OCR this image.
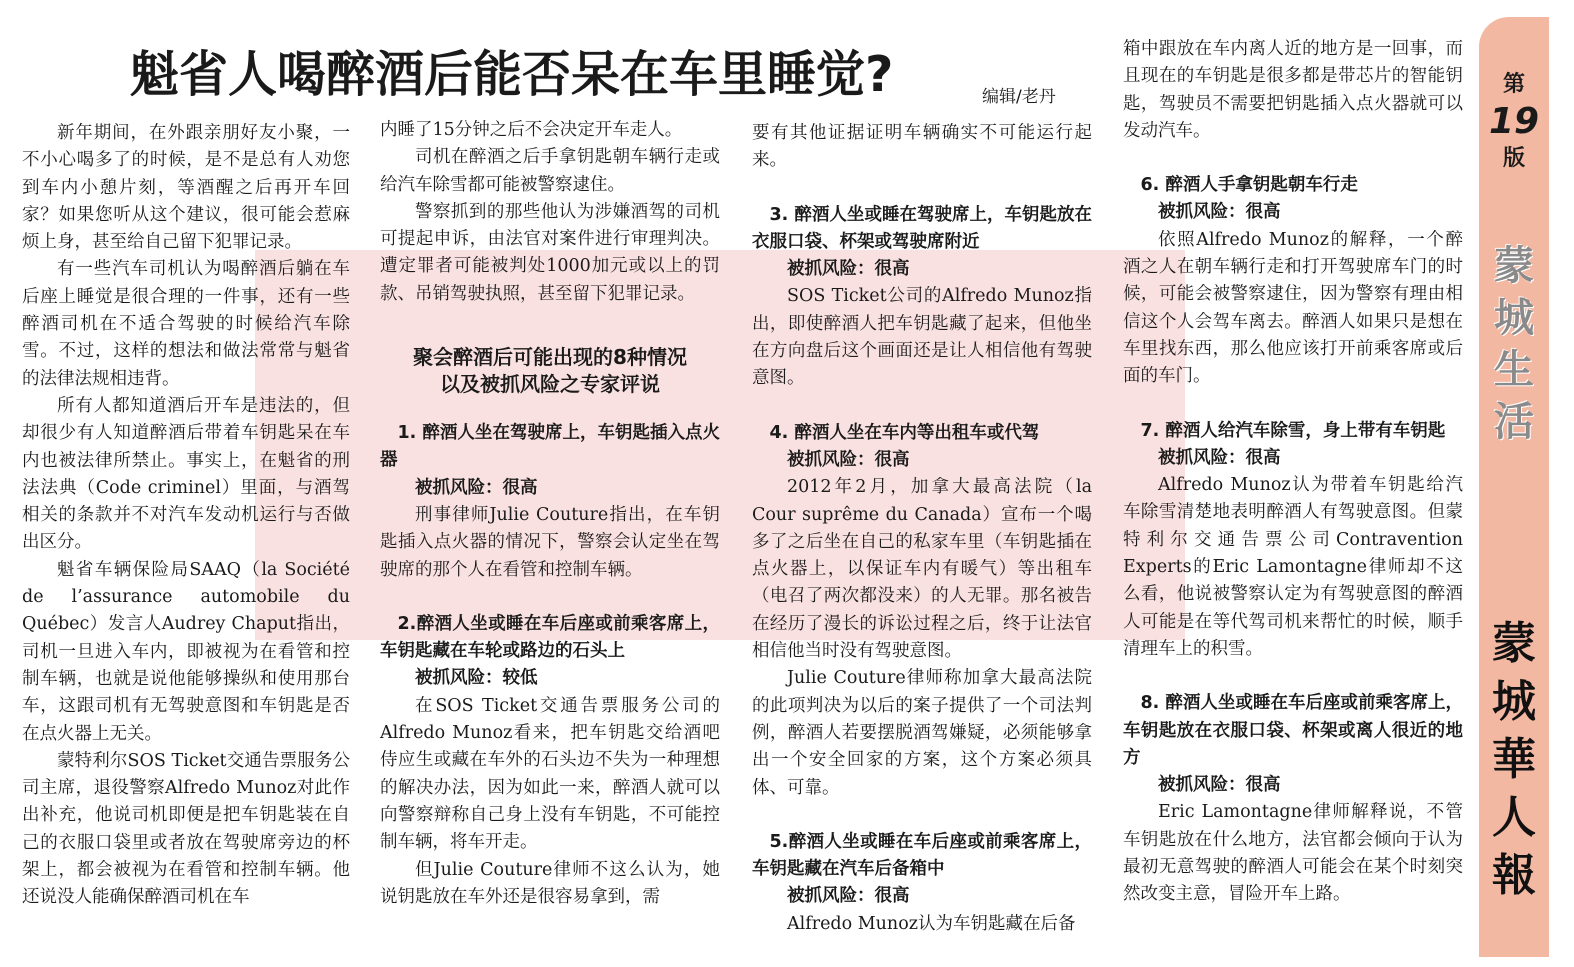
魁省人喝醉酒后能否呆在车里睡觉?	编辑/老丹

新年期间，在外跟亲朋好友小聚，一不小心喝多了的时候，是不是总有人劝您到车内小憩片刻，等酒醒之后再开车回家？如果您听从这个建议，很可能会惹麻烦上身，甚至给自己留下犯罪记录。

有一些汽车司机认为喝醉酒后躺在车后座上睡觉是很合理的一件事，还有一些醉酒司机在不适合驾驶的时候给汽车除雪。不过，这样的想法和做法常常与魁省的法律法规相违背。

所有人都知道酒后开车是违法的，但却很少有人知道醉酒后带着车钥匙呆在车内也被法律所禁止。事实上，在魁省的刑法法典（Code criminel）里面，与酒驾相关的条款并不对汽车发动机运行与否做出区分。

魁省车辆保险局SAAQ（la Société de l’assurance automobile du Québec）发言人Audrey Chaput指出，司机一旦进入车内，即被视为在看管和控制车辆，也就是说他能够操纵和使用那台车，这跟司机有无驾驶意图和车钥匙是否在点火器上无关。

蒙特利尔SOS Ticket交通告票服务公司主席，退役警察Alfredo Munoz对此作出补充，他说司机即便是把车钥匙装在自己的衣服口袋里或者放在驾驶席旁边的杯架上，都会被视为在看管和控制车辆。他还说没人能确保醉酒司机在车

内睡了15分钟之后不会决定开车走人。

司机在醉酒之后手拿钥匙朝车辆行走或给汽车除雪都可能被警察逮住。

警察抓到的那些他认为涉嫌酒驾的司机可提起申诉，由法官对案件进行审理判决。遭定罪者可能被判处1000加元或以上的罚款、吊销驾驶执照，甚至留下犯罪记录。

聚会醉酒后可能出现的8种情况
以及被抓风险之专家评说
1. 醉酒人坐在驾驶席上，车钥匙插入点火器
被抓风险：很高

刑事律师Julie Couture指出，在车钥匙插入点火器的情况下，警察会认定坐在驾驶席的那个人在看管和控制车辆。

2.醉酒人坐或睡在车后座或前乘客席上，车钥匙藏在车轮或路边的石头上
被抓风险：较低

在SOS Ticket交通告票服务公司的Alfredo Munoz看来，把车钥匙交给酒吧侍应生或藏在车外的石头边不失为一种理想的解决办法，因为如此一来，醉酒人就可以向警察辩称自己身上没有车钥匙，不可能控制车辆，将车开走。

但Julie Couture律师不这么认为，她说钥匙放在车外还是很容易拿到，需

要有其他证据证明车辆确实不可能运行起来。

3. 醉酒人坐或睡在驾驶席上，车钥匙放在衣服口袋、杯架或驾驶席附近
被抓风险：很高

SOS Ticket公司的Alfredo Munoz指出，即使醉酒人把车钥匙藏了起来，但他坐在方向盘后这个画面还是让人相信他有驾驶意图。

4. 醉酒人坐在车内等出租车或代驾
被抓风险：很高

2012年2月，加拿大最高法院（la Cour suprême du Canada）宣布一个喝多了之后坐在自己的私家车里（车钥匙插在点火器上，以保证车内有暖气）等出租车（电召了两次都没来）的人无罪。那名被告在经历了漫长的诉讼过程之后，终于让法官相信他当时没有驾驶意图。

Julie Couture律师称加拿大最高法院的此项判决为以后的案子提供了一个司法判例，醉酒人若要摆脱酒驾嫌疑，必须能够拿出一个安全回家的方案，这个方案必须具体、可靠。

5.醉酒人坐或睡在车后座或前乘客席上，车钥匙藏在汽车后备箱中
被抓风险：很高

Alfredo Munoz认为车钥匙藏在后备

箱中跟放在车内离人近的地方是一回事，而且现在的车钥匙是很多都是带芯片的智能钥匙，驾驶员不需要把钥匙插入点火器就可以发动汽车。

6. 醉酒人手拿钥匙朝车行走
被抓风险：很高

依照Alfredo Munoz的解释，一个醉酒之人在朝车辆行走和打开驾驶席车门的时候，可能会被警察逮住，因为警察有理由相信这个人会驾车离去。醉酒人如果只是想在车里找东西，那么他应该打开前乘客席或后面的车门。

7. 醉酒人给汽车除雪，身上带有车钥匙
被抓风险：很高

Alfredo Munoz认为带着车钥匙给汽车除雪清楚地表明醉酒人有驾驶意图。但蒙特利尔交通告票公司Contravention Experts的Eric Lamontagne律师却不这么看，他说被警察认定为有驾驶意图的醉酒人可能是在等代驾司机来帮忙的时候，顺手清理车上的积雪。

8. 醉酒人坐或睡在车后座或前乘客席上，车钥匙放在衣服口袋、杯架或离人很近的地方
被抓风险：很高

Eric Lamontagne律师解释说，不管车钥匙放在什么地方，法官都会倾向于认为最初无意驾驶的醉酒人可能会在某个时刻突然改变主意，冒险开车上路。

第
19
版
蒙
城
生
活
蒙
城
華
人
報
